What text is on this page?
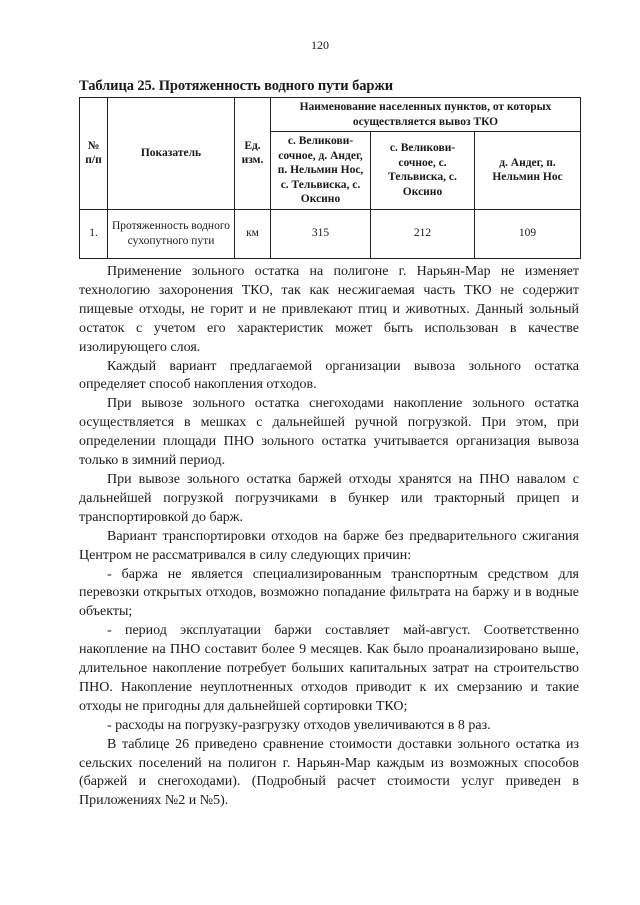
120
Таблица 25. Протяженность водного пути баржи
№ п/п	Показатель	Ед. изм.	Наименование населенных пунктов, от которых осуществляется вывоз ТКО		
			с. Великови-сочное, д. Андег, п. Нельмин Нос, с. Тельвиска, с. Оксино	с. Великови-сочное, с. Тельвиска, с. Оксино	д. Андег, п. Нельмин Нос
1.	Протяженность водного сухопутного пути	км	315	212	109

Применение зольного остатка на полигоне г. Нарьян-Мар не изменяет технологию захоронения ТКО, так как несжигаемая часть ТКО не содержит пищевые отходы, не горит и не привлекают птиц и животных. Данный зольный остаток с учетом его характеристик может быть использован в качестве изолирующего слоя.

Каждый вариант предлагаемой организации вывоза зольного остатка определяет способ накопления отходов.

При вывозе зольного остатка снегоходами накопление зольного остатка осуществляется в мешках с дальнейшей ручной погрузкой. При этом, при определении площади ПНО зольного остатка учитывается организация вывоза только в зимний период.

При вывозе зольного остатка баржей отходы хранятся на ПНО навалом с дальнейшей погрузкой погрузчиками в бункер или тракторный прицеп и транспортировкой до барж.

Вариант транспортировки отходов на барже без предварительного сжигания Центром не рассматривался в силу следующих причин:

- баржа не является специализированным транспортным средством для перевозки открытых отходов, возможно попадание фильтрата на баржу и в водные объекты;

- период эксплуатации баржи составляет май-август. Соответственно накопление на ПНО составит более 9 месяцев. Как было проанализировано выше, длительное накопление потребует больших капитальных затрат на строительство ПНО. Накопление неуплотненных отходов приводит к их смерзанию и такие отходы не пригодны для дальнейшей сортировки ТКО;

- расходы на погрузку-разгрузку отходов увеличиваются в 8 раз.

В таблице 26 приведено сравнение стоимости доставки зольного остатка из сельских поселений на полигон г. Нарьян-Мар каждым из возможных способов (баржей и снегоходами). (Подробный расчет стоимости услуг приведен в Приложениях №2 и №5).
